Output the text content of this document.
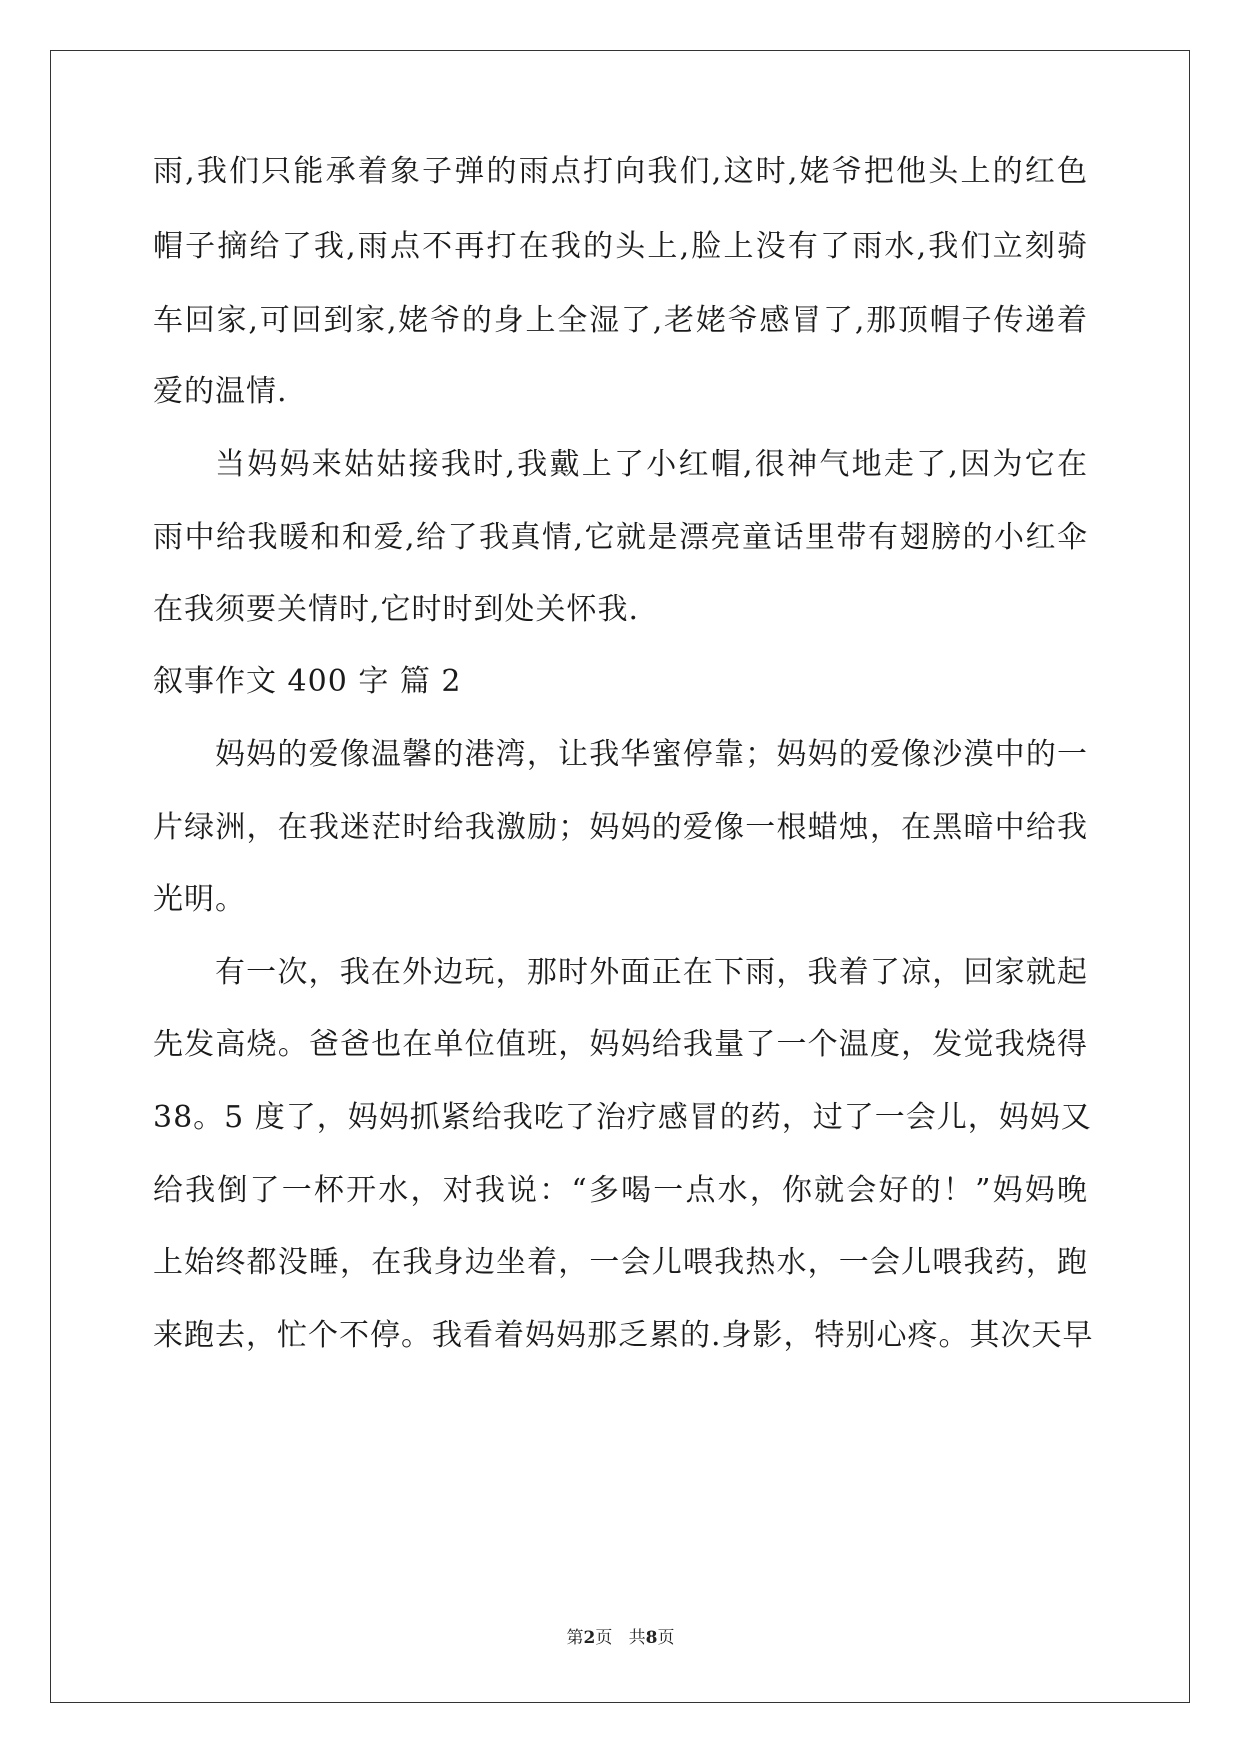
雨,我们只能承着象子弹的雨点打向我们,这时,姥爷把他头上的红色
帽子摘给了我,雨点不再打在我的头上,脸上没有了雨水,我们立刻骑
车回家,可回到家,姥爷的身上全湿了,老姥爷感冒了,那顶帽子传递着
爱的温情.
当妈妈来姑姑接我时,我戴上了小红帽,很神气地走了,因为它在
雨中给我暖和和爱,给了我真情,它就是漂亮童话里带有翅膀的小红伞
在我须要关情时,它时时到处关怀我.
叙事作文 400 字 篇 2
妈妈的爱像温馨的港湾，让我华蜜停靠；妈妈的爱像沙漠中的一
片绿洲，在我迷茫时给我激励；妈妈的爱像一根蜡烛，在黑暗中给我
光明。
有一次，我在外边玩，那时外面正在下雨，我着了凉，回家就起
先发高烧。爸爸也在单位值班，妈妈给我量了一个温度，发觉我烧得
38。5 度了，妈妈抓紧给我吃了治疗感冒的药，过了一会儿，妈妈又
给我倒了一杯开水，对我说：“多喝一点水，你就会好的！”妈妈晚
上始终都没睡，在我身边坐着，一会儿喂我热水，一会儿喂我药，跑
来跑去，忙个不停。我看着妈妈那乏累的.身影，特别心疼。其次天早
第2页 共8页
